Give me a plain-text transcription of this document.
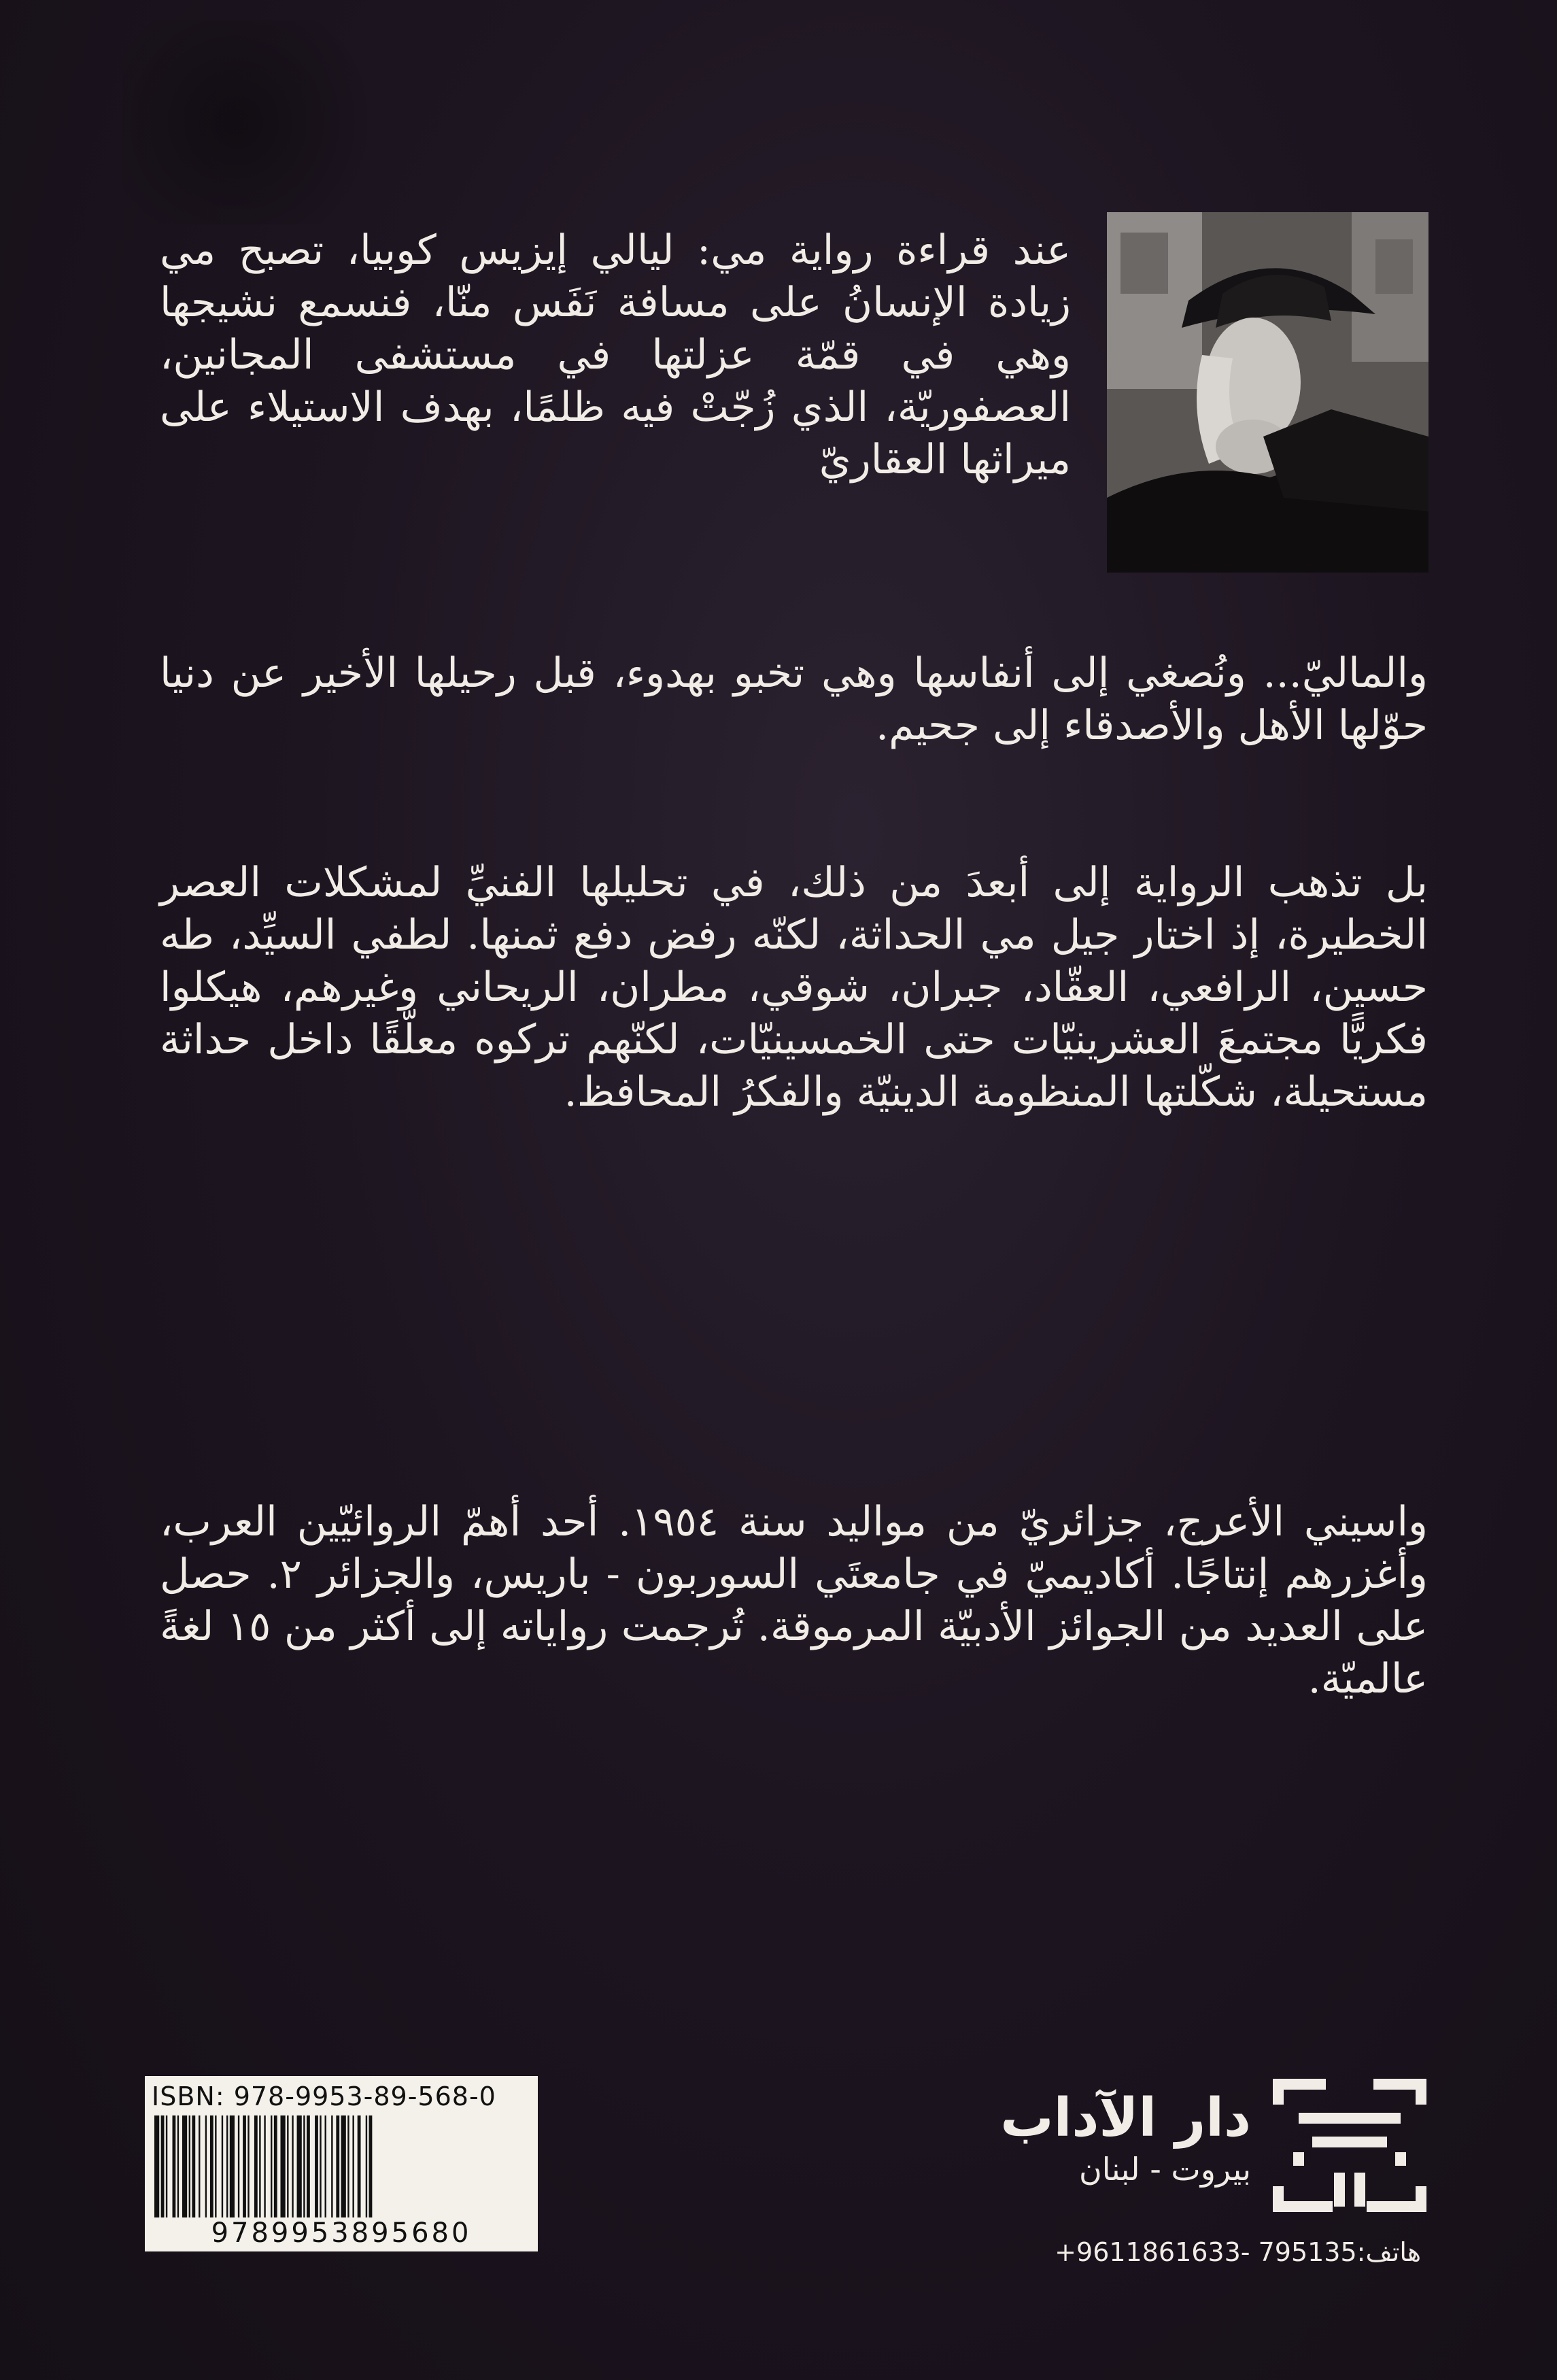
عند قراءة رواية مي: ليالي إيزيس كوبيا، تصبح مي زيادة الإنسانُ على مسافة نَفَس منّا، فنسمع نشيجها وهي في قمّة عزلتها في مستشفى المجانين، العصفوريّة، الذي زُجّتْ فيه ظلمًا، بهدف الاستيلاء على ميراثها العقاريّ

والماليّ... ونُصغي إلى أنفاسها وهي تخبو بهدوء، قبل رحيلها الأخير عن دنيا حوّلها الأهل والأصدقاء إلى جحيم.

بل تذهب الرواية إلى أبعدَ من ذلك، في تحليلها الفنيِّ لمشكلات العصر الخطيرة، إذ اختار جيل مي الحداثة، لكنّه رفض دفع ثمنها. لطفي السيِّد، طه حسين، الرافعي، العقّاد، جبران، شوقي، مطران، الريحاني وغيرهم، هيكلوا فكريًّا مجتمعَ العشرينيّات حتى الخمسينيّات، لكنّهم تركوه معلّقًا داخل حداثة مستحيلة، شكّلتها المنظومة الدينيّة والفكرُ المحافظ.

واسيني الأعرج، جزائريّ من مواليد سنة ١٩٥٤. أحد أهمّ الروائيّين العرب، وأغزرهم إنتاجًا. أكاديميّ في جامعتَي السوربون - باريس، والجزائر ٢. حصل على العديد من الجوائز الأدبيّة المرموقة. تُرجمت رواياته إلى أكثر من ١٥ لغةً عالميّة.

ISBN: 978-9953-89-568-0
9789953895680
دار الآداب
بيروت - لبنان
هاتف:795135 -9611861633+
